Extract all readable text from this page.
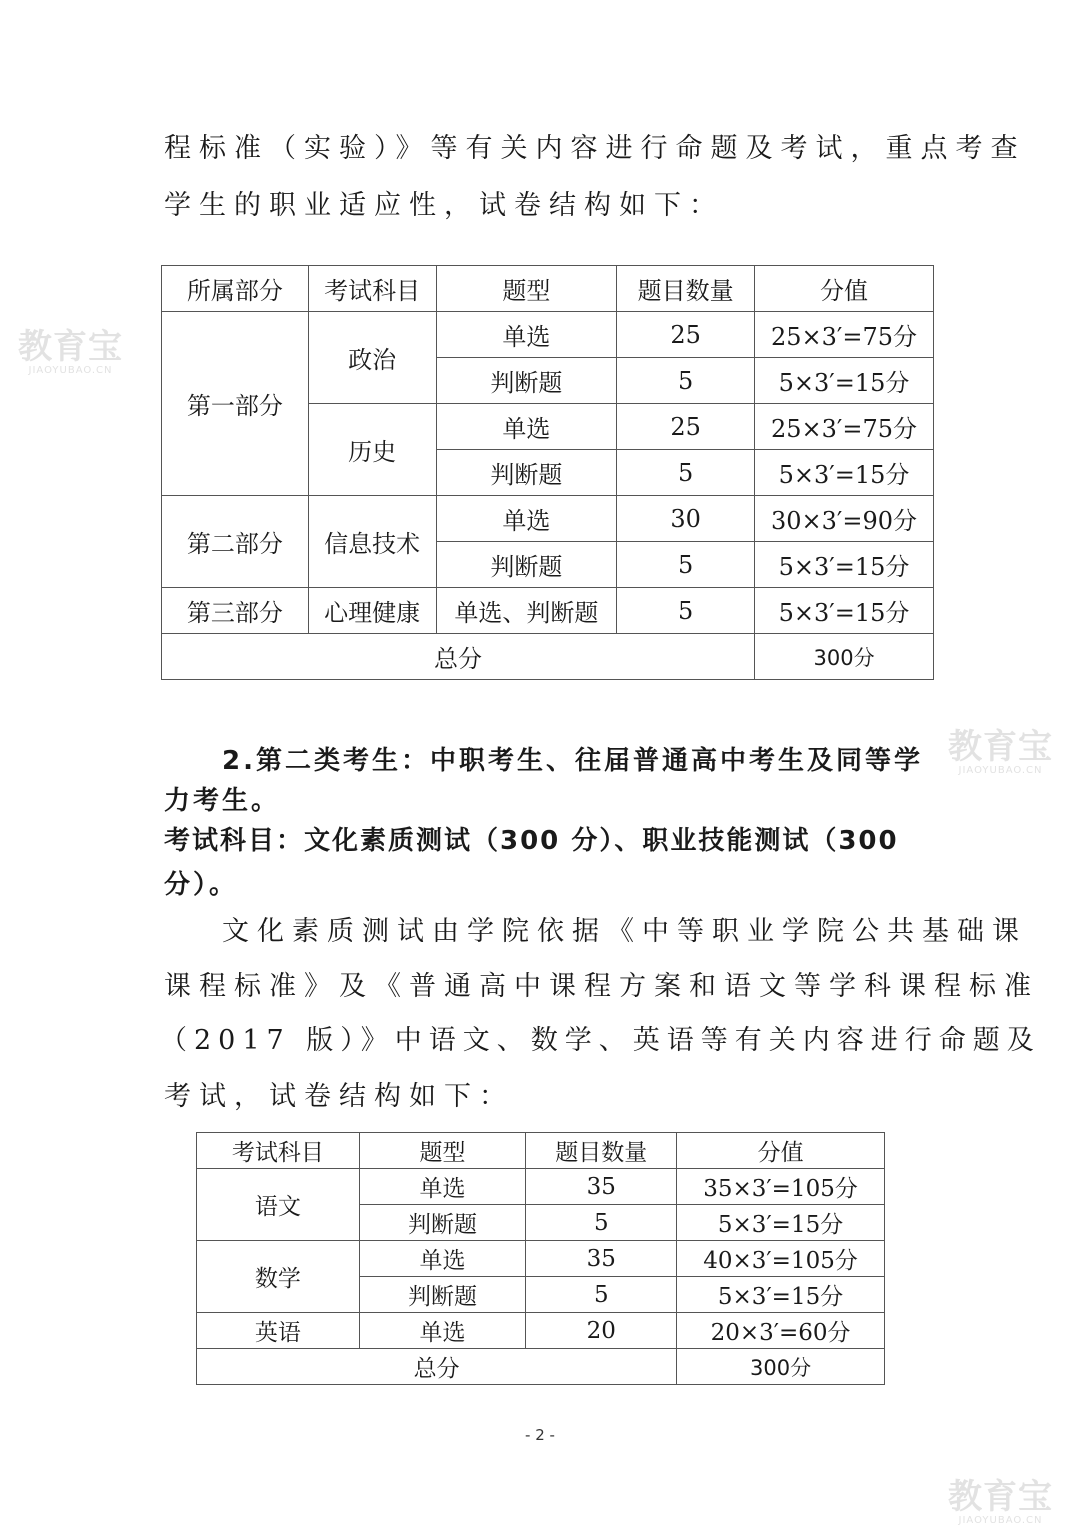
程标准（实验）》等有关内容进行命题及考试，重点考查
学生的职业适应性，试卷结构如下：
所属部分	考试科目	题型	题目数量	分值
第一部分	政治	单选	25	25×3′=75分
		判断题	5	5×3′=15分
	历史	单选	25	25×3′=75分
		判断题	5	5×3′=15分
第二部分	信息技术	单选	30	30×3′=90分
		判断题	5	5×3′=15分
第三部分	心理健康	单选、判断题	5	5×3′=15分
总分				300分
2.第二类考生：中职考生、往届普通高中考生及同等学
力考生。
考试科目：文化素质测试（300 分）、职业技能测试（300
分）。
文化素质测试由学院依据《中等职业学院公共基础课
课程标准》及《普通高中课程方案和语文等学科课程标准
（2017 版）》中语文、数学、英语等有关内容进行命题及
考试，试卷结构如下：
考试科目	题型	题目数量	分值
语文	单选	35	35×3′=105分
	判断题	5	5×3′=15分
数学	单选	35	40×3′=105分
	判断题	5	5×3′=15分
英语	单选	20	20×3′=60分
总分			300分
- 2 -
教育宝
JIAOYUBAO.CN
教育宝
JIAOYUBAO.CN
教育宝
JIAOYUBAO.CN
